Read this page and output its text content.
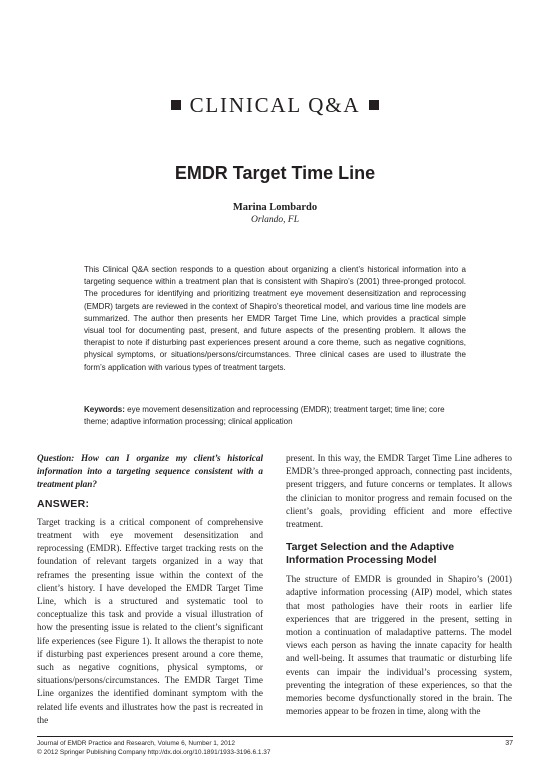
CLINICAL Q&A
EMDR Target Time Line
Marina Lombardo
Orlando, FL
This Clinical Q&A section responds to a question about organizing a client’s historical information into a targeting sequence within a treatment plan that is consistent with Shapiro’s (2001) three-pronged protocol. The procedures for identifying and prioritizing treatment eye movement desensitization and reprocessing (EMDR) targets are reviewed in the context of Shapiro’s theoretical model, and various time line models are summarized. The author then presents her EMDR Target Time Line, which provides a practical simple visual tool for documenting past, present, and future aspects of the presenting problem. It allows the therapist to note if disturbing past experiences present around a core theme, such as negative cognitions, physical symptoms, or situations/persons/circumstances. Three clinical cases are used to illustrate the form’s application with various types of treatment targets.
Keywords: eye movement desensitization and reprocessing (EMDR); treatment target; time line; core theme; adaptive information processing; clinical application

Question: How can I organize my client’s historical information into a targeting sequence consistent with a treatment plan?

ANSWER:

Target tracking is a critical component of comprehensive treatment with eye movement desensitization and reprocessing (EMDR). Effective target tracking rests on the foundation of relevant targets organized in a way that reframes the presenting issue within the context of the client’s history. I have developed the EMDR Target Time Line, which is a structured and systematic tool to conceptualize this task and provide a visual illustration of how the presenting issue is related to the client’s significant life experiences (see Figure 1). It allows the therapist to note if disturbing past experiences present around a core theme, such as negative cognitions, physical symptoms, or situations/persons/circumstances. The EMDR Target Time Line organizes the identified dominant symptom with the related life events and illustrates how the past is recreated in the

present. In this way, the EMDR Target Time Line adheres to EMDR’s three-pronged approach, connecting past incidents, present triggers, and future concerns or templates. It allows the clinician to monitor progress and remain focused on the client’s goals, providing efficient and more effective treatment.

Target Selection and the Adaptive Information Processing Model

The structure of EMDR is grounded in Shapiro’s (2001) adaptive information processing (AIP) model, which states that most pathologies have their roots in earlier life experiences that are triggered in the present, setting in motion a continuation of maladaptive patterns. The model views each person as having the innate capacity for health and well-being. It assumes that traumatic or disturbing life events can impair the individual’s processing system, preventing the integration of these experiences, so that the memories become dysfunctionally stored in the brain. The memories appear to be frozen in time, along with the

Journal of EMDR Practice and Research, Volume 6, Number 1, 2012	37
© 2012 Springer Publishing Company http://dx.doi.org/10.1891/1933-3196.6.1.37
